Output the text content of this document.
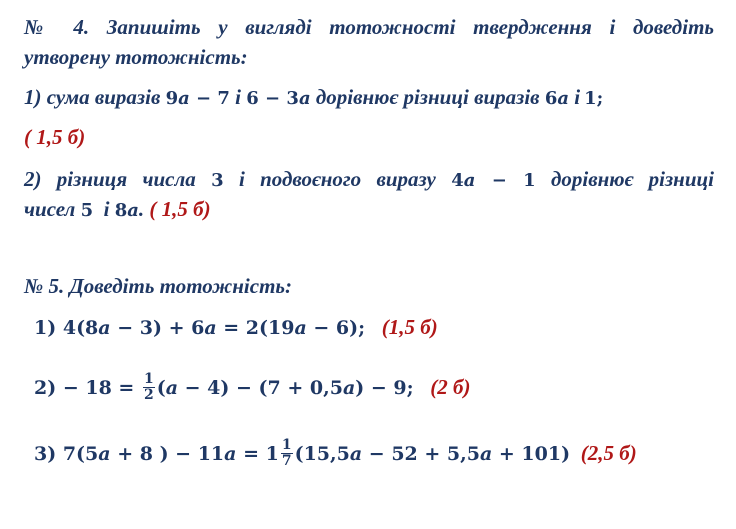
№ 4. Запишіть у вигляді тотожності твердження і доведіть
утворену тотожність:
1) сума виразів 9a − 7 і 6 − 3a дорівнює різниці виразів 6a і 1;
( 1,5 б)
2) різниця числа 3 і подвоєного виразу 4a − 1 дорівнює різниці
чисел 5 і 8a. ( 1,5 б)
№ 5. Доведіть тотожність:
1) 4(8a − 3) + 6a = 2(19a − 6); (1,5 б)
$2) - 18 = \frac{1}{2} (a - 4) - (7 + 0,5a) - 9$; (2 б)
3) 7(5a + 8 ) − $11a = 1 \frac{1}{7} (15,5a - 52 + 5,5a + 101)$ (2,5 б)
